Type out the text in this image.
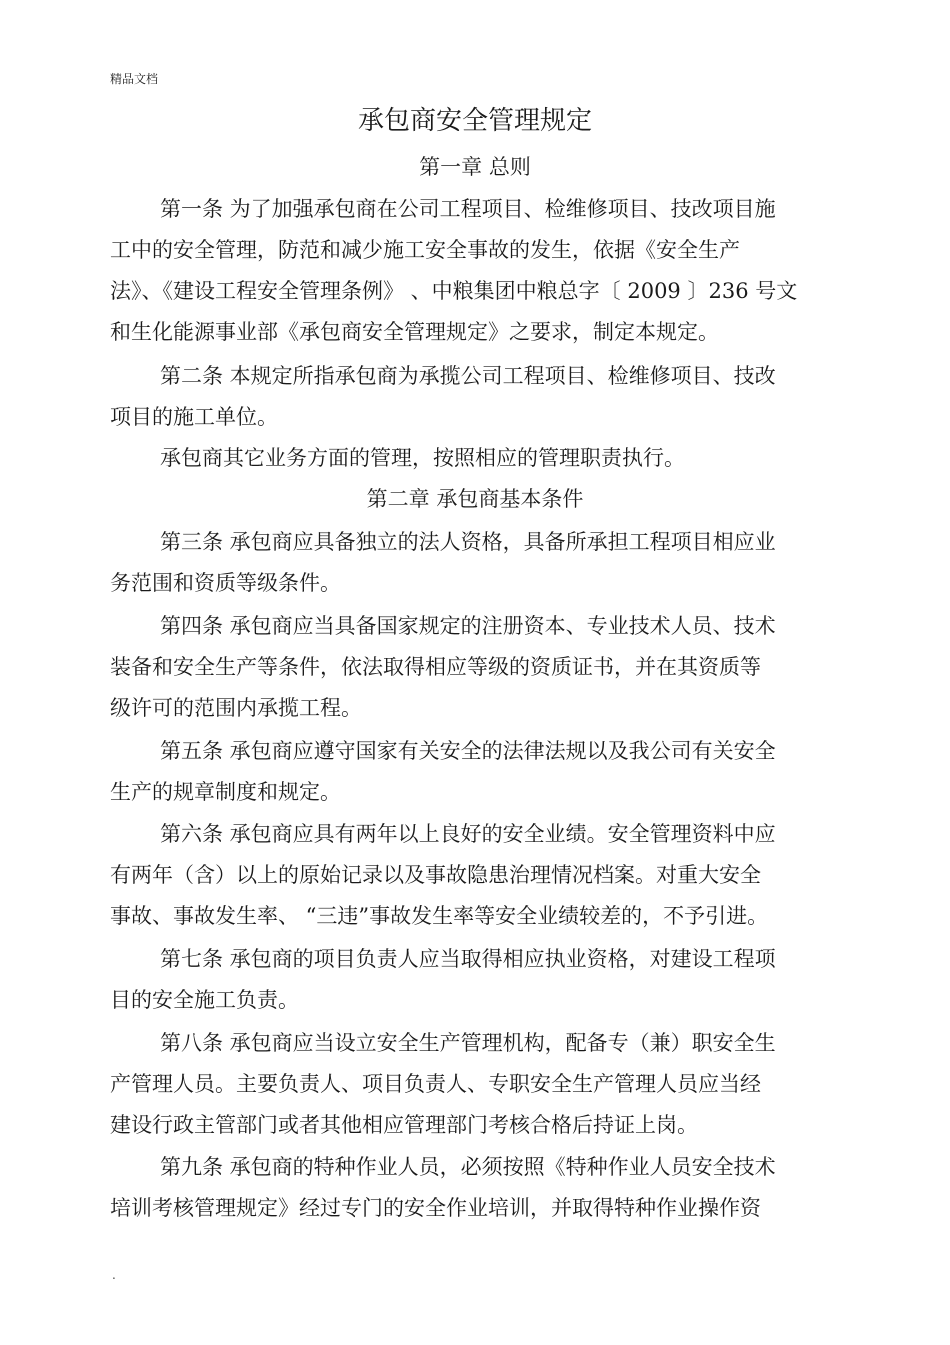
精品文档
承包商安全管理规定
第一章 总则
第一条 为了加强承包商在公司工程项目、检维修项目、技改项目施
工中的安全管理，防范和减少施工安全事故的发生，依据《安全生产
法》、《建设工程安全管理条例》 、中粮集团中粮总字〔 2009 〕236 号文
和生化能源事业部《承包商安全管理规定》之要求，制定本规定。
第二条 本规定所指承包商为承揽公司工程项目、检维修项目、技改
项目的施工单位。
承包商其它业务方面的管理，按照相应的管理职责执行。
第二章 承包商基本条件
第三条 承包商应具备独立的法人资格，具备所承担工程项目相应业
务范围和资质等级条件。
第四条 承包商应当具备国家规定的注册资本、专业技术人员、技术
装备和安全生产等条件，依法取得相应等级的资质证书，并在其资质等
级许可的范围内承揽工程。
第五条 承包商应遵守国家有关安全的法律法规以及我公司有关安全
生产的规章制度和规定。
第六条 承包商应具有两年以上良好的安全业绩。安全管理资料中应
有两年（含）以上的原始记录以及事故隐患治理情况档案。对重大安全
事故、事故发生率、 “三违”事故发生率等安全业绩较差的，不予引进。
第七条 承包商的项目负责人应当取得相应执业资格，对建设工程项
目的安全施工负责。
第八条 承包商应当设立安全生产管理机构，配备专（兼）职安全生
产管理人员。主要负责人、项目负责人、专职安全生产管理人员应当经
建设行政主管部门或者其他相应管理部门考核合格后持证上岗。
第九条 承包商的特种作业人员，必须按照《特种作业人员安全技术
培训考核管理规定》经过专门的安全作业培训，并取得特种作业操作资
.
